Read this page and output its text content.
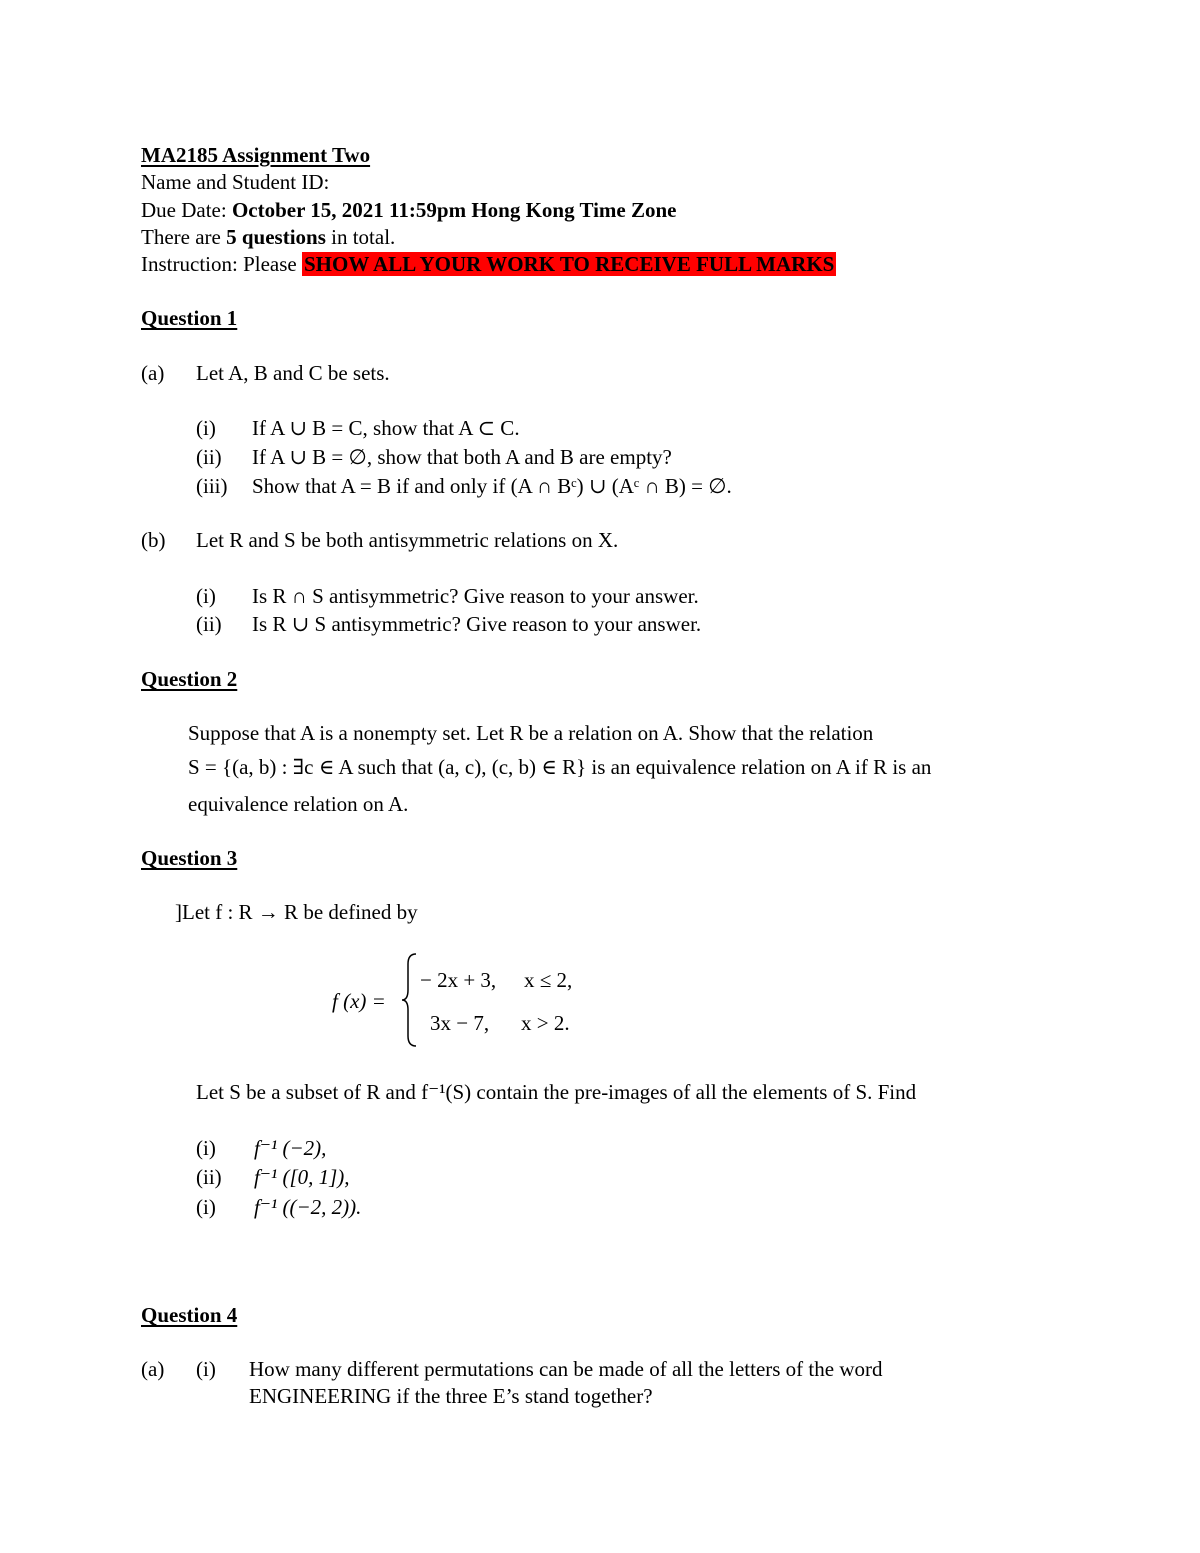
MA2185 Assignment Two
Name and Student ID:
Due Date: October 15, 2021 11:59pm Hong Kong Time Zone
There are 5 questions in total.
Instruction: Please SHOW ALL YOUR WORK TO RECEIVE FULL MARKS
Question 1
(a) Let A, B and C be sets.
(i) If A ∪ B = C, show that A ⊂ C.
(ii) If A ∪ B = ∅, show that both A and B are empty?
(iii) Show that A = B if and only if (A ∩ Bᶜ) ∪ (Aᶜ ∩ B) = ∅.
(b) Let R and S be both antisymmetric relations on X.
(i) Is R ∩ S antisymmetric? Give reason to your answer.
(ii) Is R ∪ S antisymmetric? Give reason to your answer.
Question 2
Suppose that A is a nonempty set. Let R be a relation on A. Show that the relation
S = {(a, b) : ∃c ∈ A such that (a, c), (c, b) ∈ R} is an equivalence relation on A if R is an
equivalence relation on A.
Question 3
]Let f : R → R be defined by
f (x) =
− 2x + 3, x ≤ 2,
3x − 7, x > 2.
Let S be a subset of R and f⁻¹(S) contain the pre-images of all the elements of S. Find
(i) f⁻¹ (−2),
(ii) f⁻¹ ([0, 1]),
(i) f⁻¹ ((−2, 2)).
Question 4
(a) (i) How many different permutations can be made of all the letters of the word
ENGINEERING if the three E’s stand together?
